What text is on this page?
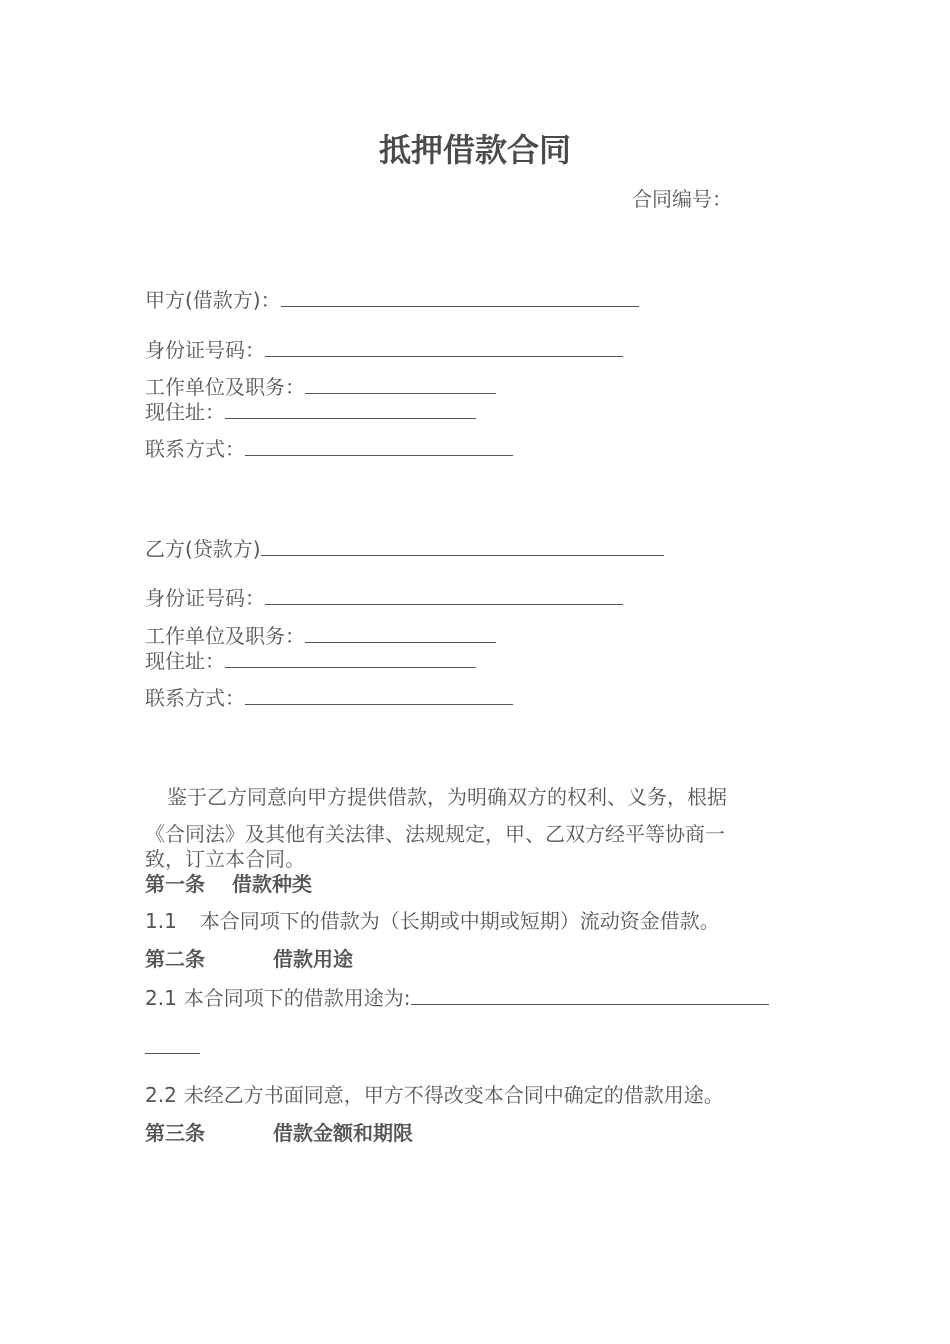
抵押借款合同
合同编号：
甲方(借款方)：
身份证号码：
工作单位及职务：
现住址：
联系方式：
乙方(贷款方)
身份证号码：
工作单位及职务：
现住址：
联系方式：
鉴于乙方同意向甲方提供借款，为明确双方的权利、义务，根据
《合同法》及其他有关法律、法规规定，甲、乙双方经平等协商一
致，订立本合同。
第一条 借款种类
1.1 本合同项下的借款为（长期或中期或短期）流动资金借款。
第二条	借款用途
2.1 本合同项下的借款用途为:
2.2 未经乙方书面同意，甲方不得改变本合同中确定的借款用途。
第三条	借款金额和期限
